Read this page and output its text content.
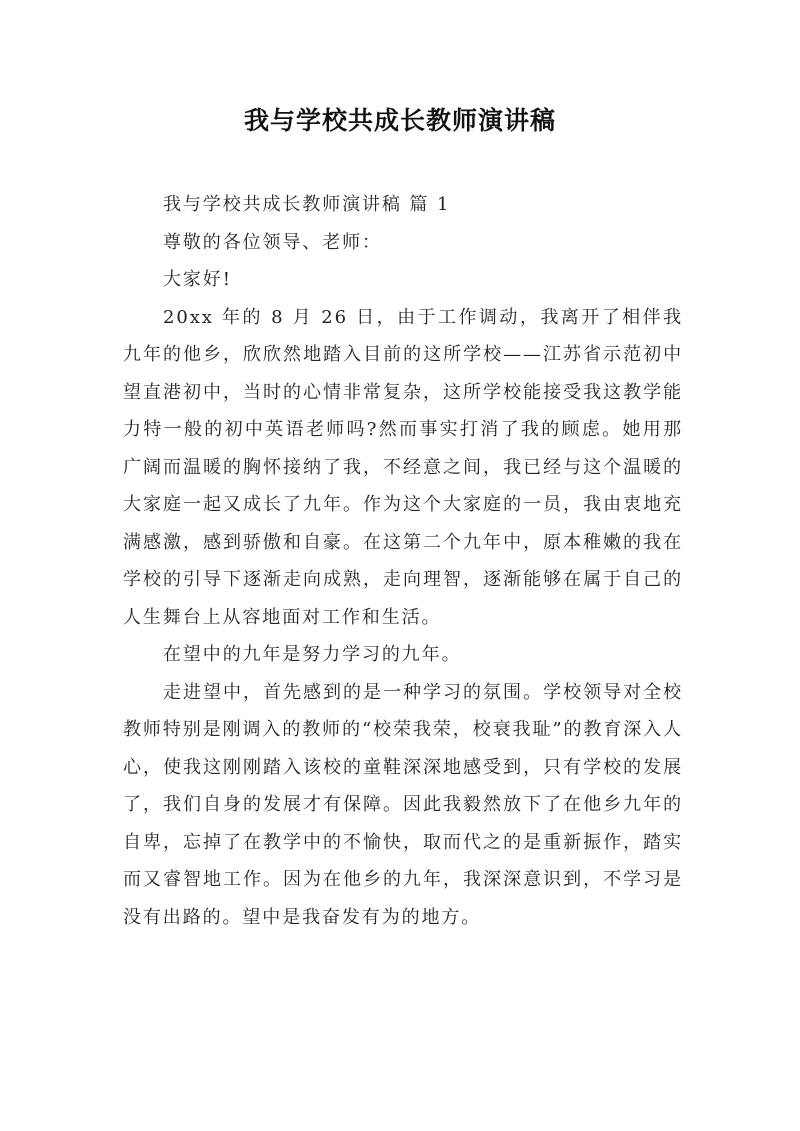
我与学校共成长教师演讲稿

我与学校共成长教师演讲稿 篇 1

尊敬的各位领导、老师：

大家好!

20xx 年的 8 月 26 日，由于工作调动，我离开了相伴我九年的他乡，欣欣然地踏入目前的这所学校——江苏省示范初中望直港初中，当时的心情非常复杂，这所学校能接受我这教学能力特一般的初中英语老师吗?然而事实打消了我的顾虑。她用那广阔而温暖的胸怀接纳了我，不经意之间，我已经与这个温暖的大家庭一起又成长了九年。作为这个大家庭的一员，我由衷地充满感激，感到骄傲和自豪。在这第二个九年中，原本稚嫩的我在学校的引导下逐渐走向成熟，走向理智，逐渐能够在属于自己的人生舞台上从容地面对工作和生活。

在望中的九年是努力学习的九年。

走进望中，首先感到的是一种学习的氛围。学校领导对全校教师特别是刚调入的教师的“校荣我荣，校衰我耻”的教育深入人心，使我这刚刚踏入该校的童鞋深深地感受到，只有学校的发展了，我们自身的发展才有保障。因此我毅然放下了在他乡九年的自卑，忘掉了在教学中的不愉快，取而代之的是重新振作，踏实而又睿智地工作。因为在他乡的九年，我深深意识到，不学习是没有出路的。望中是我奋发有为的地方。
